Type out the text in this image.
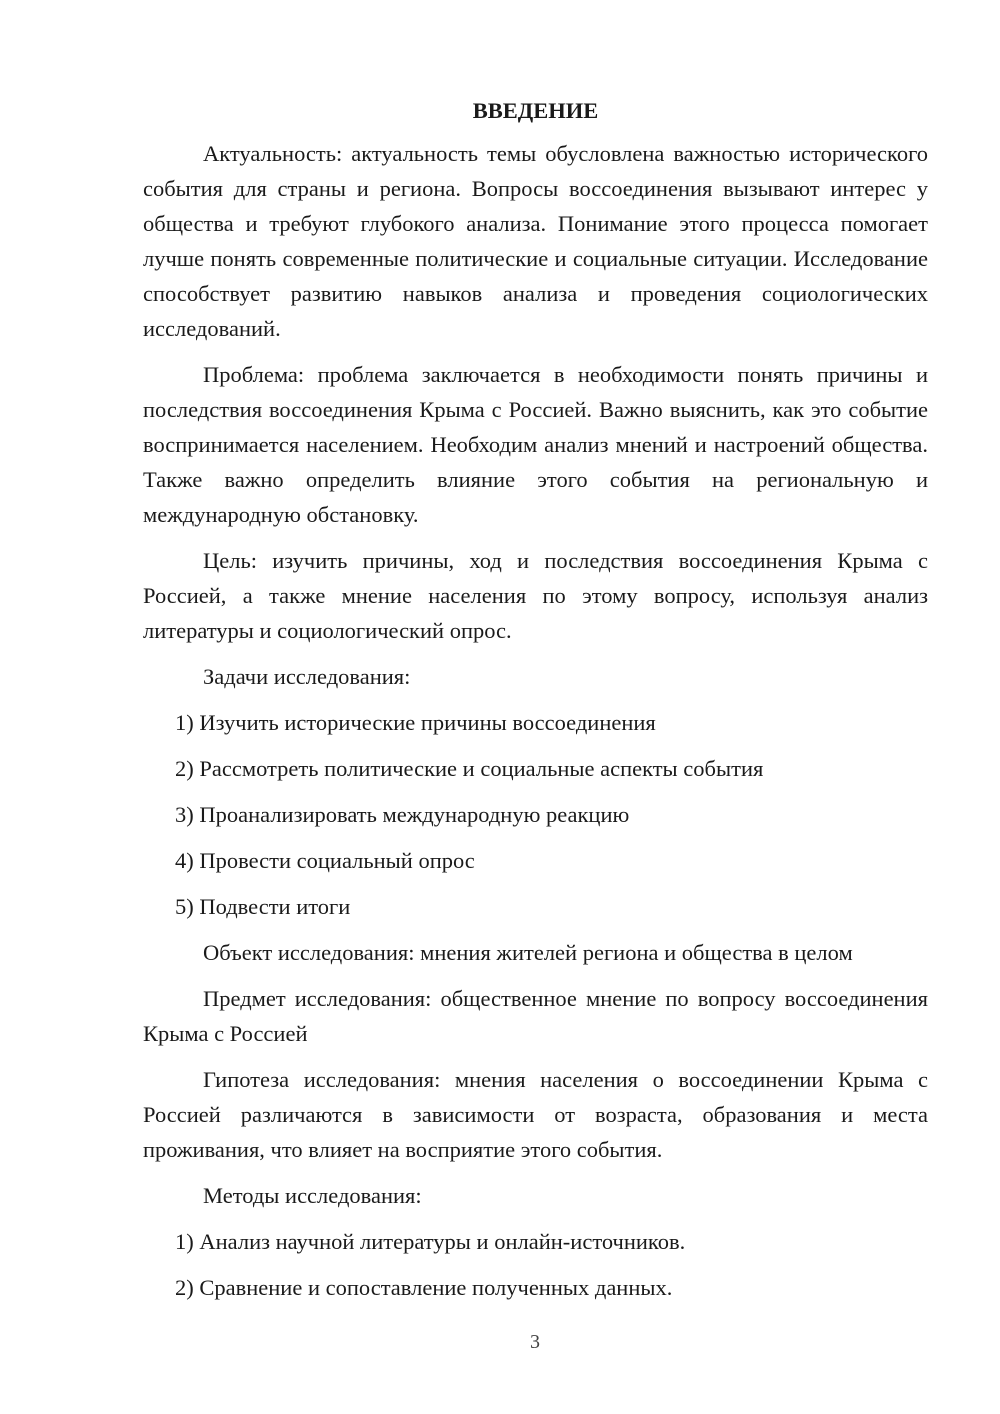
ВВЕДЕНИЕ

Актуальность: актуальность темы обусловлена важностью исторического события для страны и региона. Вопросы воссоединения вызывают интерес у общества и требуют глубокого анализа. Понимание этого процесса помогает лучше понять современные политические и социальные ситуации. Исследование способствует развитию навыков анализа и проведения социологических исследований.

Проблема: проблема заключается в необходимости понять причины и последствия воссоединения Крыма с Россией. Важно выяснить, как это событие воспринимается населением. Необходим анализ мнений и настроений общества. Также важно определить влияние этого события на региональную и международную обстановку.

Цель: изучить причины, ход и последствия воссоединения Крыма с Россией, а также мнение населения по этому вопросу, используя анализ литературы и социологический опрос.

Задачи исследования:

1) Изучить исторические причины воссоединения
2) Рассмотреть политические и социальные аспекты события
3) Проанализировать международную реакцию
4) Провести социальный опрос
5) Подвести итоги

Объект исследования: мнения жителей региона и общества в целом

Предмет исследования: общественное мнение по вопросу воссоединения Крыма с Россией

Гипотеза исследования: мнения населения о воссоединении Крыма с Россией различаются в зависимости от возраста, образования и места проживания, что влияет на восприятие этого события.

Методы исследования:

1) Анализ научной литературы и онлайн-источников.
2) Сравнение и сопоставление полученных данных.
3
